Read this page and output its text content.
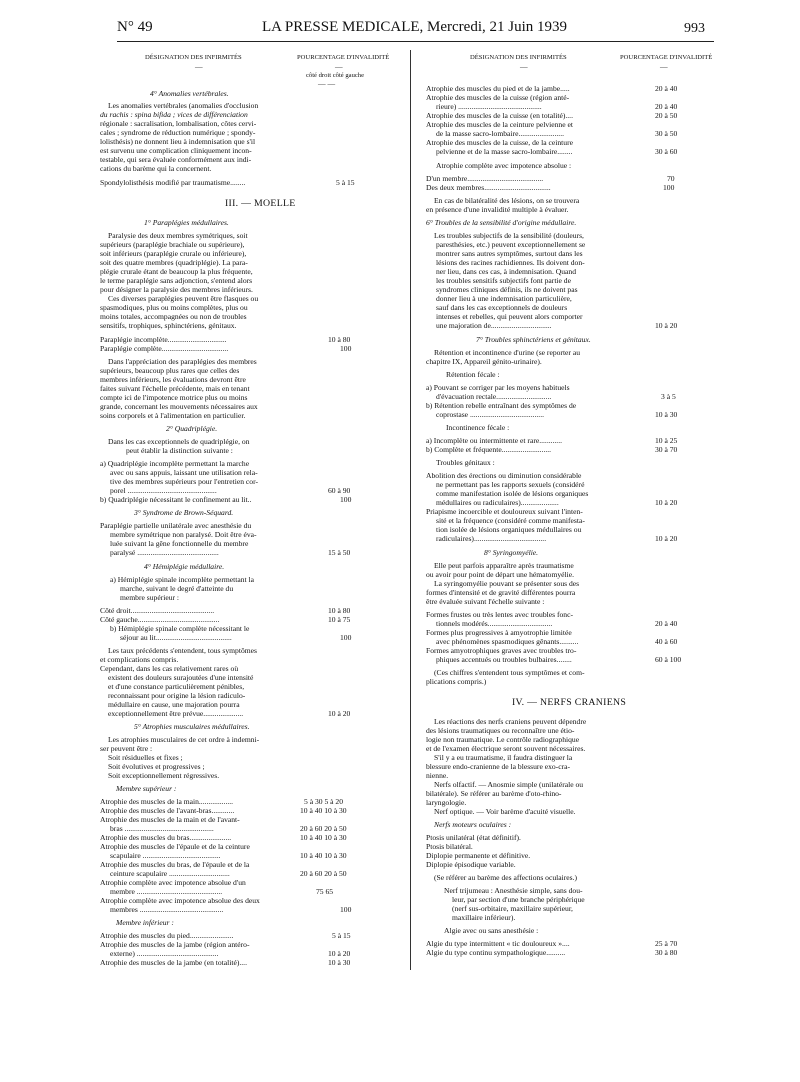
N° 49	LA PRESSE MEDICALE, Mercredi, 21 Juin 1939	993
DÉSIGNATION DES INFIRMITÉS	POURCENTAGE D'INVALIDITÉ
—	—
côté droit côté gauche
— —
4° Anomalies vertébrales.
Les anomalies vertébrales (anomalies d'occlusion
du rachis : spina bifida ; vices de différenciation
régionale : sacralisation, lombalisation, côtes cervi-
cales ; syndrome de réduction numérique ; spondy-
lolisthésis) ne donnent lieu à indemnisation que s'il
est survenu une complication cliniquement incon-
testable, qui sera évaluée conformément aux indi-
cations du barème qui la concernent.
Spondylolisthésis modifié par traumatisme........	5 à 15
III. — MOELLE
1° Paraplégies médullaires.
Paralysie des deux membres symétriques, soit
supérieurs (paraplégie brachiale ou supérieure),
soit inférieurs (paraplégie crurale ou inférieure),
soit des quatre membres (quadriplégie). La para-
plégie crurale étant de beaucoup la plus fréquente,
le terme paraplégie sans adjonction, s'entend alors
pour désigner la paralysie des membres inférieurs.
Ces diverses paraplégies peuvent être flasques ou
spasmodiques, plus ou moins complètes, plus ou
moins totales, accompagnées ou non de troubles
sensitifs, trophiques, sphinctériens, génitaux.
Paraplégie incomplète...............................	10 à 80
Paraplégie complète...................................	100
Dans l'appréciation des paraplégies des membres
supérieurs, beaucoup plus rares que celles des
membres inférieurs, les évaluations devront être
faites suivant l'échelle précédente, mais en tenant
compte ici de l'impotence motrice plus ou moins
grande, concernant les mouvements nécessaires aux
soins corporels et à l'alimentation en particulier.
2° Quadriplégie.
Dans les cas exceptionnels de quadriplégie, on
peut établir la distinction suivante :
a) Quadriplégie incomplète permettant la marche
avec ou sans appuis, laissant une utilisation rela-
tive des membres supérieurs pour l'entretien cor-
porel ...............................................	60 à 90
b) Quadriplégie nécessitant le confinement au lit..	100
3° Syndrome de Brown-Séquard.
Paraplégie partielle unilatérale avec anesthésie du
membre symétrique non paralysé. Doit être éva-
luée suivant la gêne fonctionnelle du membre
paralysé ...........................................	15 à 50
4° Hémiplégie médullaire.
a) Hémiplégie spinale incomplète permettant la
marche, suivant le degré d'atteinte du
membre supérieur :
Côté droit............................................	10 à 80
Côté gauche...........................................	10 à 75
b) Hémiplégie spinale complète nécessitant le
séjour au lit........................................	100
Les taux précédents s'entendent, tous symptômes
et complications compris.
Cependant, dans les cas relativement rares où
existent des douleurs surajoutées d'une intensité
et d'une constance particulièrement pénibles,
reconnaissant pour origine la lésion radiculo-
médullaire en cause, une majoration pourra
exceptionnellement être prévue.....................	10 à 20
5° Atrophies musculaires médullaires.
Les atrophies musculaires de cet ordre à indemni-
ser peuvent être :
Soit résiduelles et fixes ;
Soit évolutives et progressives ;
Soit exceptionnellement régressives.
Membre supérieur :
Atrophie des muscles de la main..................	5 à 30 5 à 20
Atrophie des muscles de l'avant-bras............	10 à 40 10 à 30
Atrophie des muscles de la main et de l'avant-
bras ...............................................	20 à 60 20 à 50
Atrophie des muscles du bras......................	10 à 40 10 à 30
Atrophie des muscles de l'épaule et de la ceinture
scapulaire .........................................	10 à 40 10 à 30
Atrophie des muscles du bras, de l'épaule et de la
ceinture scapulaire ................................	20 à 60 20 à 50
Atrophie complète avec impotence absolue d'un
membre .............................................	75 65
Atrophie complète avec impotence absolue des deux
membres ............................................	100
Membre inférieur :
Atrophie des muscles du pied.......................	5 à 15
Atrophie des muscles de la jambe (région antéro-
externe) ...........................................	10 à 20
Atrophie des muscles de la jambe (en totalité)....	10 à 30
DÉSIGNATION DES INFIRMITÉS	POURCENTAGE D'INVALIDITÉ
—	—
Atrophie des muscles du pied et de la jambe.....	20 à 40
Atrophie des muscles de la cuisse (région anté-
rieure) ............................................	20 à 40
Atrophie des muscles de la cuisse (en totalité)....	20 à 50
Atrophie des muscles de la ceinture pelvienne et
de la masse sacro-lombaire........................	30 à 50
Atrophie des muscles de la cuisse, de la ceinture
pelvienne et de la masse sacro-lombaire........	30 à 60
Atrophie complète avec impotence absolue :
D'un membre........................................	70
Des deux membres...................................	100
En cas de bilatéralité des lésions, on se trouvera
en présence d'une invalidité multiple à évaluer.
6° Troubles de la sensibilité d'origine médullaire.
Les troubles subjectifs de la sensibilité (douleurs,
paresthésies, etc.) peuvent exceptionnellement se
montrer sans autres symptômes, surtout dans les
lésions des racines rachidiennes. Ils doivent don-
ner lieu, dans ces cas, à indemnisation. Quand
les troubles sensitifs subjectifs font partie de
syndromes cliniques définis, ils ne doivent pas
donner lieu à une indemnisation particulière,
sauf dans les cas exceptionnels de douleurs
intenses et rebelles, qui peuvent alors comporter
une majoration de................................	10 à 20
7° Troubles sphinctériens et génitaux.
Rétention et incontinence d'urine (se reporter au
chapitre IX, Appareil génito-urinaire).
Rétention fécale :
a) Pouvant se corriger par les moyens habituels
d'évacuation rectale.............................	3 à 5
b) Rétention rebelle entraînant des symptômes de
coprostase .......................................	10 à 30
Incontinence fécale :
a) Incomplète ou intermittente et rare............	10 à 25
b) Complète et fréquente..........................	30 à 70
Troubles génitaux :
Abolition des érections ou diminution considérable
ne permettant pas les rapports sexuels (considéré
comme manifestation isolée de lésions organiques
médullaires ou radiculaires)....................	10 à 20
Priapisme incoercible et douloureux suivant l'inten-
sité et la fréquence (considéré comme manifesta-
tion isolée de lésions organiques médullaires ou
radiculaires)......................................	10 à 20
8° Syringomyélie.
Elle peut parfois apparaître après traumatisme
ou avoir pour point de départ une hématomyélie.
La syringomyélie pouvant se présenter sous des
formes d'intensité et de gravité différentes pourra
être évaluée suivant l'échelle suivante :
Formes frustes ou très lentes avec troubles fonc-
tionnels modérés..................................	20 à 40
Formes plus progressives à amyotrophie limitée
avec phénomènes spasmodiques gênants..........	40 à 60
Formes amyotrophiques graves avec troubles tro-
phiques accentués ou troubles bulbaires........	60 à 100
(Ces chiffres s'entendent tous symptômes et com-
plications compris.)
IV. — NERFS CRANIENS
Les réactions des nerfs craniens peuvent dépendre
des lésions traumatiques ou reconnaître une étio-
logie non traumatique. Le contrôle radiographique
et de l'examen électrique seront souvent nécessaires.
S'il y a eu traumatisme, il faudra distinguer la
blessure endo-cranienne de la blessure exo-cra-
nienne.
Nerfs olfactif. — Anosmie simple (unilatérale ou
bilatérale). Se référer au barème d'oto-rhino-
laryngologie.
Nerf optique. — Voir barème d'acuité visuelle.
Nerfs moteurs oculaires :
Ptosis unilatéral (état définitif).
Ptosis bilatéral.
Diplopie permanente et définitive.
Diplopie épisodique variable.
(Se référer au barème des affections oculaires.)
Nerf trijumeau : Anesthésie simple, sans dou-
leur, par section d'une branche périphérique
(nerf sus-orbitaire, maxillaire supérieur,
maxillaire inférieur).
Algie avec ou sans anesthésie :
Algie du type intermittent « tic douloureux »....	25 à 70
Algie du type continu sympathologique..........	30 à 80
